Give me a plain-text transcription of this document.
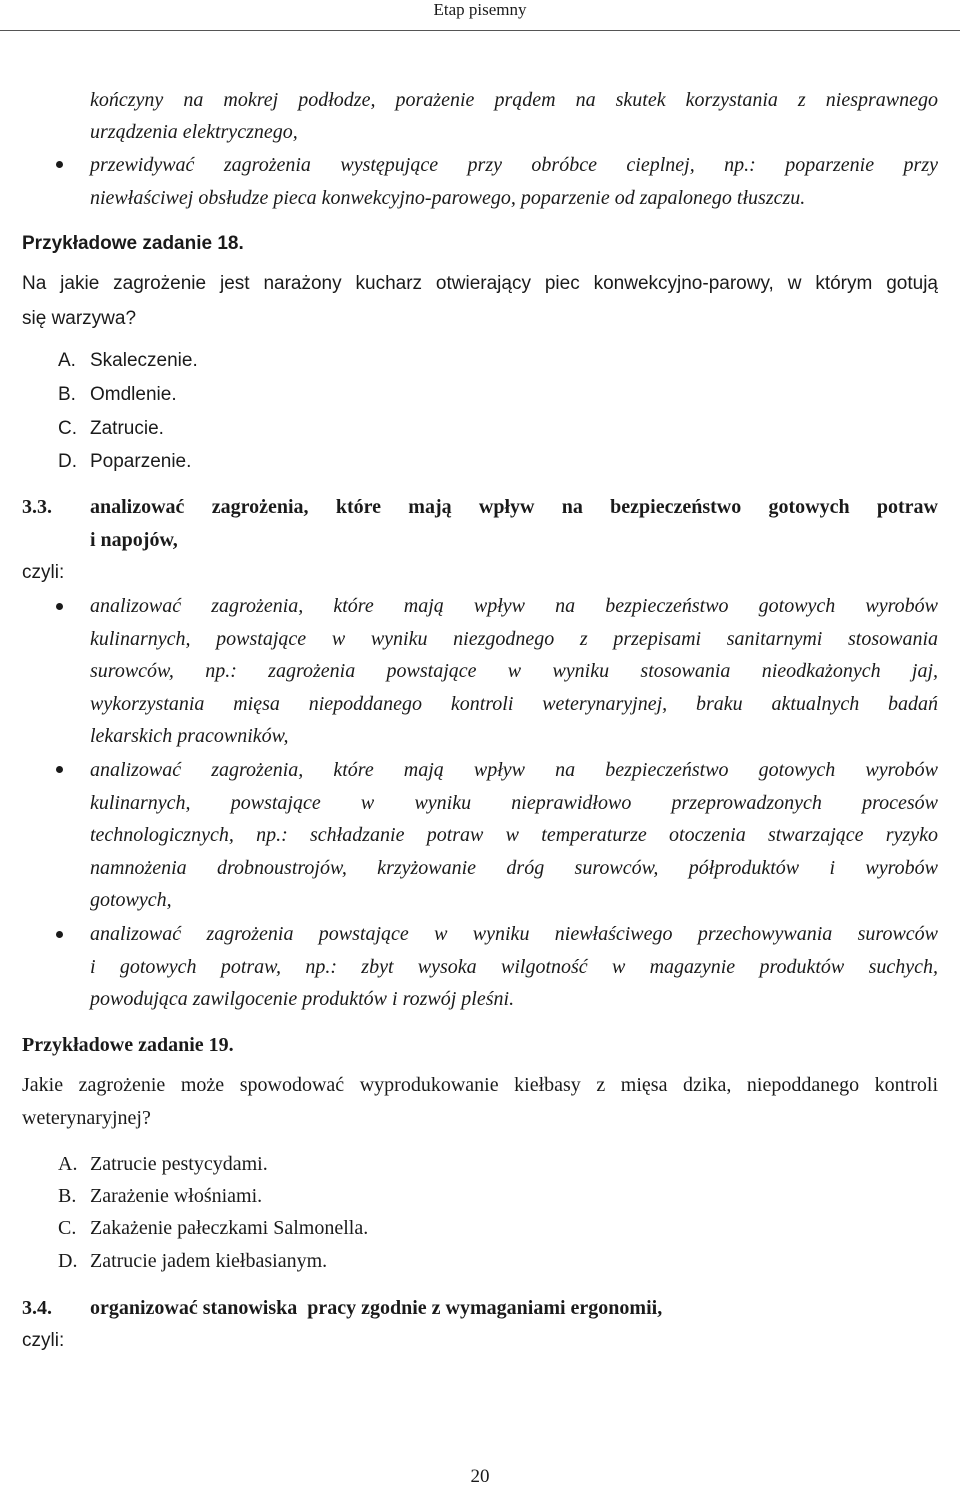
Etap pisemny
kończyny na mokrej podłodze, porażenie prądem na skutek korzystania z niesprawnego
urządzenia elektrycznego,
przewidywać zagrożenia występujące przy obróbce cieplnej, np.: poparzenie przy
niewłaściwej obsłudze pieca konwekcyjno-parowego, poparzenie od zapalonego tłuszczu.
Przykładowe zadanie 18.
Na jakie zagrożenie jest narażony kucharz otwierający piec konwekcyjno-parowy, w którym gotują
się warzywa?
A. Skaleczenie.
B. Omdlenie.
C. Zatrucie.
D. Poparzenie.
3.3. analizować zagrożenia, które mają wpływ na bezpieczeństwo gotowych potraw
i napojów,
czyli:
analizować zagrożenia, które mają wpływ na bezpieczeństwo gotowych wyrobów
kulinarnych, powstające w wyniku niezgodnego z przepisami sanitarnymi stosowania
surowców, np.: zagrożenia powstające w wyniku stosowania nieodkażonych jaj,
wykorzystania mięsa niepoddanego kontroli weterynaryjnej, braku aktualnych badań
lekarskich pracowników,
analizować zagrożenia, które mają wpływ na bezpieczeństwo gotowych wyrobów
kulinarnych, powstające w wyniku nieprawidłowo przeprowadzonych procesów
technologicznych, np.: schładzanie potraw w temperaturze otoczenia stwarzające ryzyko
namnożenia drobnoustrojów, krzyżowanie dróg surowców, półproduktów i wyrobów
gotowych,
analizować zagrożenia powstające w wyniku niewłaściwego przechowywania surowców
i gotowych potraw, np.: zbyt wysoka wilgotność w magazynie produktów suchych,
powodująca zawilgocenie produktów i rozwój pleśni.
Przykładowe zadanie 19.
Jakie zagrożenie może spowodować wyprodukowanie kiełbasy z mięsa dzika, niepoddanego kontroli
weterynaryjnej?
A. Zatrucie pestycydami.
B. Zarażenie włośniami.
C. Zakażenie pałeczkami Salmonella.
D. Zatrucie jadem kiełbasianym.
3.4. organizować stanowiska  pracy zgodnie z wymaganiami ergonomii,
czyli:
20
